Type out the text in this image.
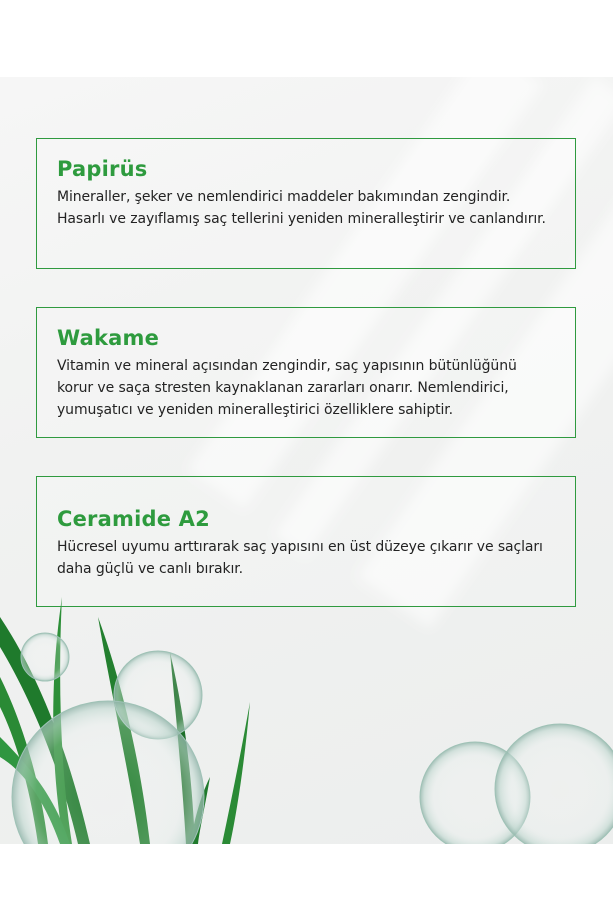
Papirüs

Mineraller, şeker ve nemlendirici maddeler bakımından zengindir. Hasarlı ve zayıflamış saç tellerini yeniden mineralleştirir ve canlandırır.

Wakame

Vitamin ve mineral açısından zengindir, saç yapısının bütünlüğünü korur ve saça stresten kaynaklanan zararları onarır. Nemlendirici, yumuşatıcı ve yeniden mineralleştirici özelliklere sahiptir.

Ceramide A2

Hücresel uyumu arttırarak saç yapısını en üst düzeye çıkarır ve saçları daha güçlü ve canlı bırakır.
